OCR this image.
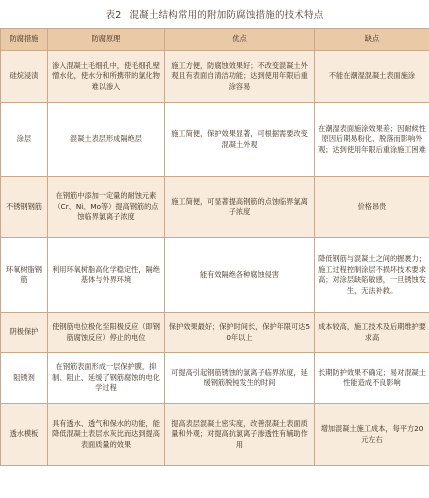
表2 混凝土结构常用的附加防腐蚀措施的技术特点
防腐措施	防腐原理	优点	缺点
硅烷浸渍	渗入混凝土毛细孔中，使毛细孔壁憎水化，使水分和所携带的氯化物难以渗入	施工方便，防腐蚀效果好；不改变混凝土外观且有表面自清洁功能；达到使用年限后重涂容易	不能在潮湿混凝土表面施涂
涂层	混凝土表层形成隔绝层	施工简便，保护效果显著，可根据需要改变混凝土外观	在潮湿表面施涂效果差；因耐候性原因后期易粉化、脱落而影响外观；达到使用年限后重涂施工困难
不锈钢钢筋	在钢筋中添加一定量的耐蚀元素（Cr、Ni、Mo等）提高钢筋的点蚀临界氯离子浓度	施工简便，可显著提高钢筋的点蚀临界氯离子浓度	价格昂贵
环氧树脂钢筋	利用环氧树脂高化学稳定性，隔绝基体与外界环境	能有效隔绝各种腐蚀侵害	降低钢筋与混凝土之间的握裹力；施工过程控制涂层不损坏技术要求高；对涂层缺陷敏感，一旦锈蚀发生，无法补救。
阴极保护	使钢筋电位极化至阳极反应（即钢筋腐蚀反应）停止的电位	保护效果最好；保护时间长，保护年限可达50年以上	成本较高，施工技术及后期维护要求高
阻锈剂	在钢筋表面形成一层保护膜，抑制、阻止、延缓了钢筋腐蚀的电化学过程	可提高引起钢筋锈蚀的氯离子临界浓度，延缓钢筋脱钝发生的时间	长期防护效果不确定；易对混凝土性能造成不良影响
透水模板	具有透水、透气和保水的功能，能降低混凝土表层水灰比而达到提高表面质量的效果	提高表层混凝土密实度，改善混凝土表面质量和外观；对提高抗氯离子渗透性有辅助作用	增加混凝土施工成本，每平方20元左右
